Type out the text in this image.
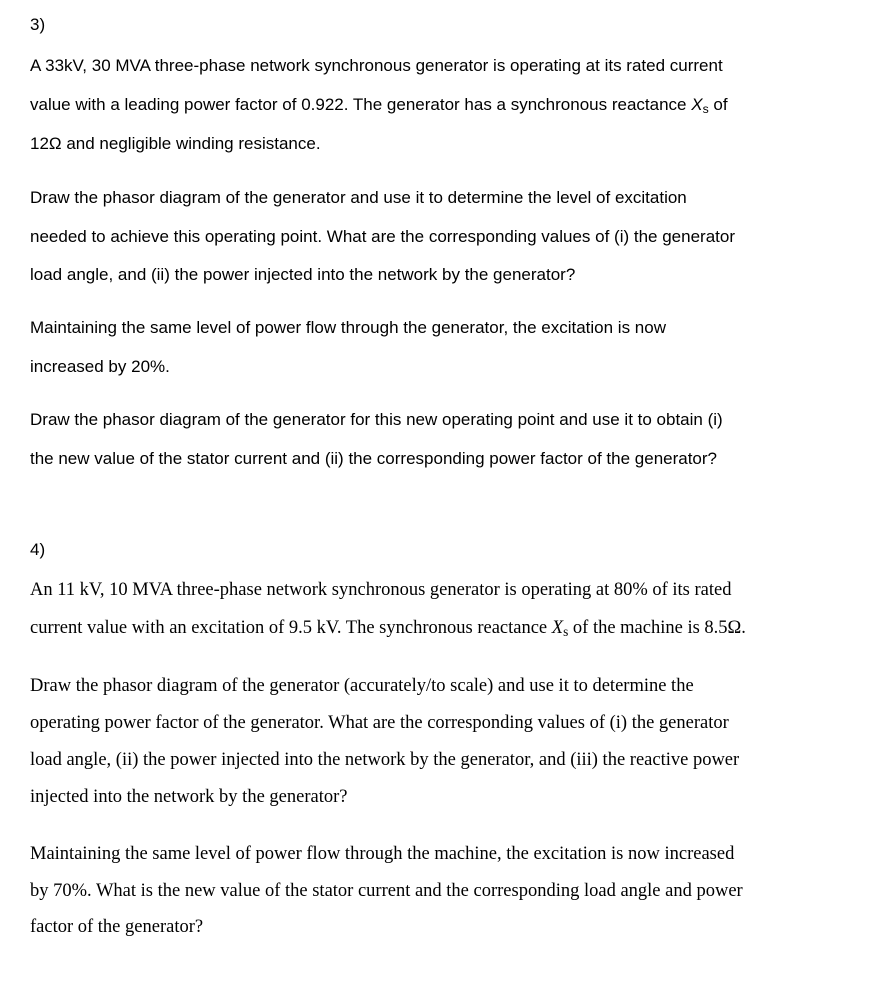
3)

A 33kV, 30 MVA three-phase network synchronous generator is operating at its rated current
value with a leading power factor of 0.922. The generator has a synchronous reactance Xs of
12Ω and negligible winding resistance.
Draw the phasor diagram of the generator and use it to determine the level of excitation
needed to achieve this operating point. What are the corresponding values of (i) the generator
load angle, and (ii) the power injected into the network by the generator?
Maintaining the same level of power flow through the generator, the excitation is now
increased by 20%.
Draw the phasor diagram of the generator for this new operating point and use it to obtain (i)
the new value of the stator current and (ii) the corresponding power factor of the generator?

4)

An 11 kV, 10 MVA three-phase network synchronous generator is operating at 80% of its rated
current value with an excitation of 9.5 kV. The synchronous reactance Xs of the machine is 8.5Ω.
Draw the phasor diagram of the generator (accurately/to scale) and use it to determine the
operating power factor of the generator. What are the corresponding values of (i) the generator
load angle, (ii) the power injected into the network by the generator, and (iii) the reactive power
injected into the network by the generator?
Maintaining the same level of power flow through the machine, the excitation is now increased
by 70%. What is the new value of the stator current and the corresponding load angle and power
factor of the generator?
